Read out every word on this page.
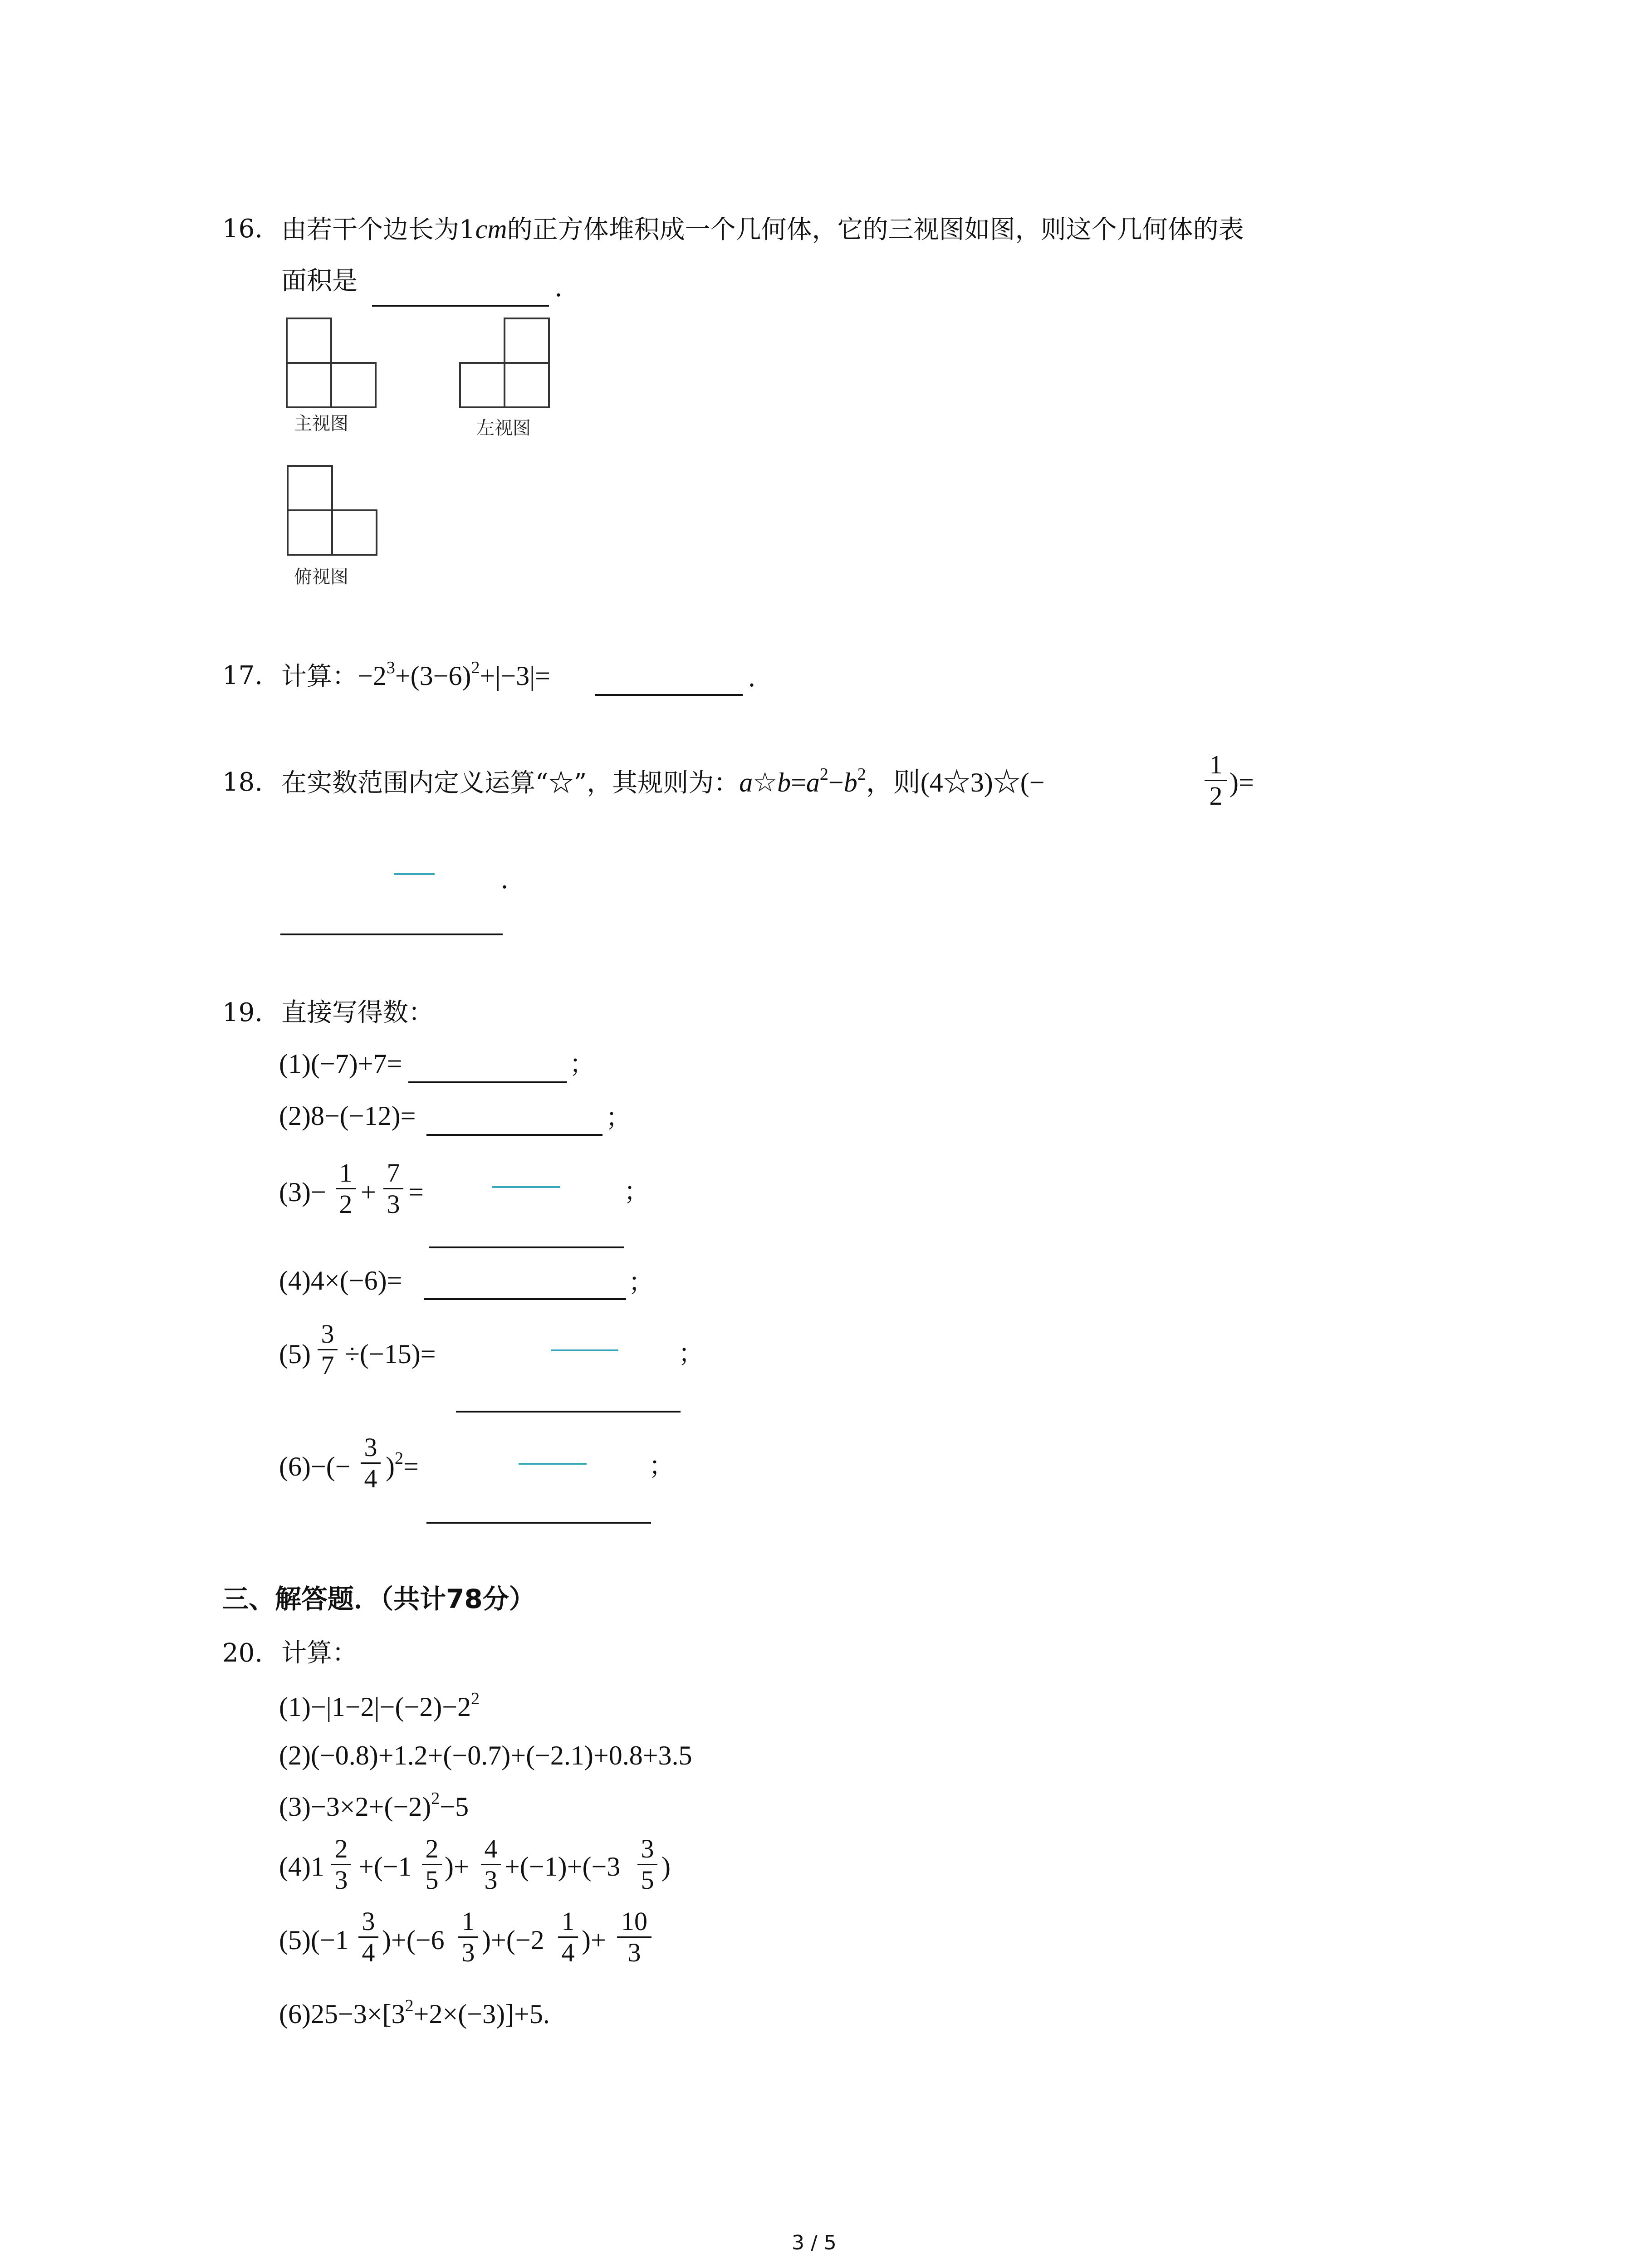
16. 由若干个边长为1cm的正方体堆积成一个几何体，它的三视图如图，则这个几何体的表
面积是	.
主视图	左视图
俯视图
17. 计算：$-2^3+(3-6)^2+|-3|=$	.
18. 在实数范围内定义运算“☆”，其规则为：$a☆b=a^2-b^2$，则(4☆3)☆(−
1
2 )=
.
19. 直接写得数：
(1)(−7)+7=	；
(2)8−(−12)=	；
(3)−
1
2 +
7
3 =	；
(4)4×(−6)=	；
(5)
3
7 ÷(−15)=	；
(6)−(−
3
4 )$^2$=	；
三、解答题．（共计78分）
20. 计算：
$(1)-|1-2|-(-2)-2^2$
(2)(−0.8)+1.2+(−0.7)+(−2.1)+0.8+3.5
$(3)-3\times 2+(-2)^2-5$
(4)1
2
3 +(−1
2
5 )+
4
3 +(−1)+(−3
3
5 )
(5)(−1
3
4 )+(−6
1
3 )+(−2
1
4 )+
10
3
$(6)25-3\times[3^2+2\times(-3)]+5$.
3 / 5
